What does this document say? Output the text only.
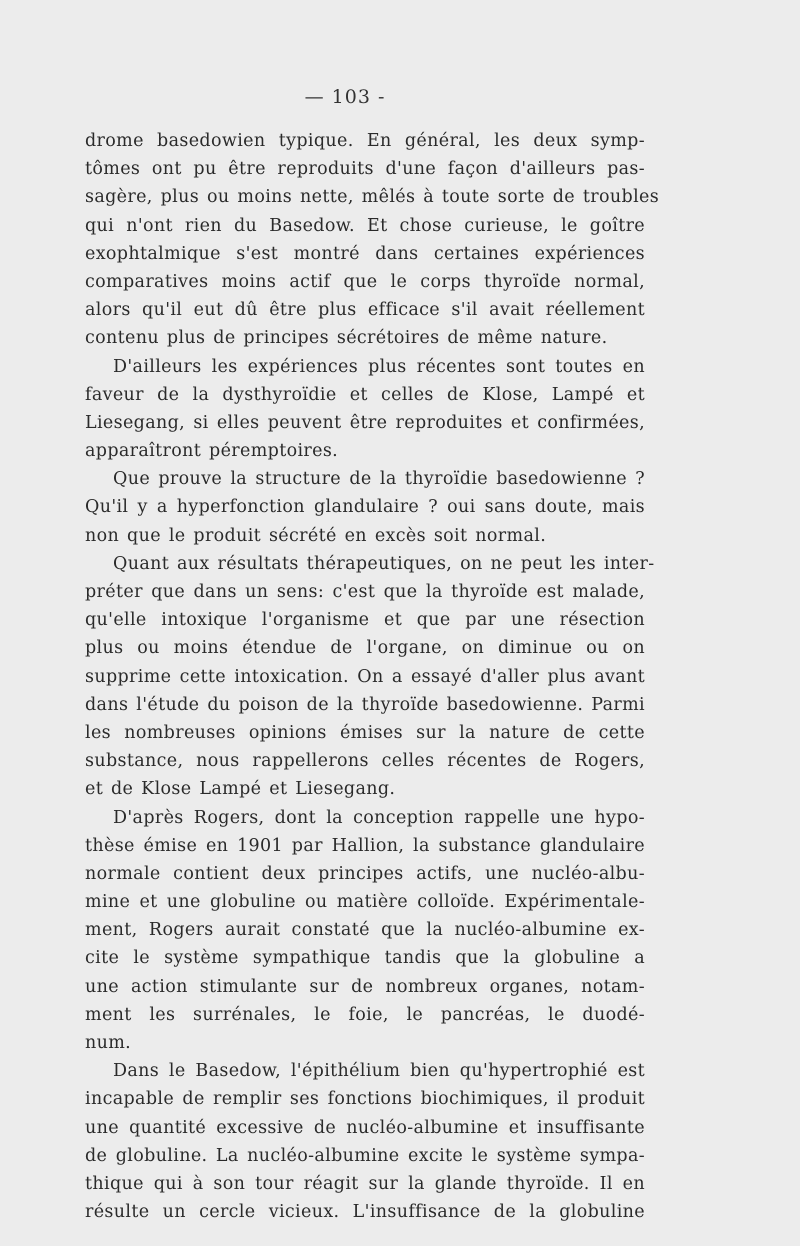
— 103 -
drome basedowien typique. En général, les deux symp-
tômes ont pu être reproduits d'une façon d'ailleurs pas-
sagère, plus ou moins nette, mêlés à toute sorte de troubles
qui n'ont rien du Basedow. Et chose curieuse, le goître
exophtalmique s'est montré dans certaines expériences
comparatives moins actif que le corps thyroïde normal,
alors qu'il eut dû être plus efficace s'il avait réellement
contenu plus de principes sécrétoires de même nature.
D'ailleurs les expériences plus récentes sont toutes en
faveur de la dysthyroïdie et celles de Klose, Lampé et
Liesegang, si elles peuvent être reproduites et confirmées,
apparaîtront péremptoires.
Que prouve la structure de la thyroïdie basedowienne ?
Qu'il y a hyperfonction glandulaire ? oui sans doute, mais
non que le produit sécrété en excès soit normal.
Quant aux résultats thérapeutiques, on ne peut les inter-
préter que dans un sens: c'est que la thyroïde est malade,
qu'elle intoxique l'organisme et que par une résection
plus ou moins étendue de l'organe, on diminue ou on
supprime cette intoxication. On a essayé d'aller plus avant
dans l'étude du poison de la thyroïde basedowienne. Parmi
les nombreuses opinions émises sur la nature de cette
substance, nous rappellerons celles récentes de Rogers,
et de Klose Lampé et Liesegang.
D'après Rogers, dont la conception rappelle une hypo-
thèse émise en 1901 par Hallion, la substance glandulaire
normale contient deux principes actifs, une nucléo-albu-
mine et une globuline ou matière colloïde. Expérimentale-
ment, Rogers aurait constaté que la nucléo-albumine ex-
cite le système sympathique tandis que la globuline a
une action stimulante sur de nombreux organes, notam-
ment les surrénales, le foie, le pancréas, le duodé-
num.
Dans le Basedow, l'épithélium bien qu'hypertrophié est
incapable de remplir ses fonctions biochimiques, il produit
une quantité excessive de nucléo-albumine et insuffisante
de globuline. La nucléo-albumine excite le système sympa-
thique qui à son tour réagit sur la glande thyroïde. Il en
résulte un cercle vicieux. L'insuffisance de la globuline
